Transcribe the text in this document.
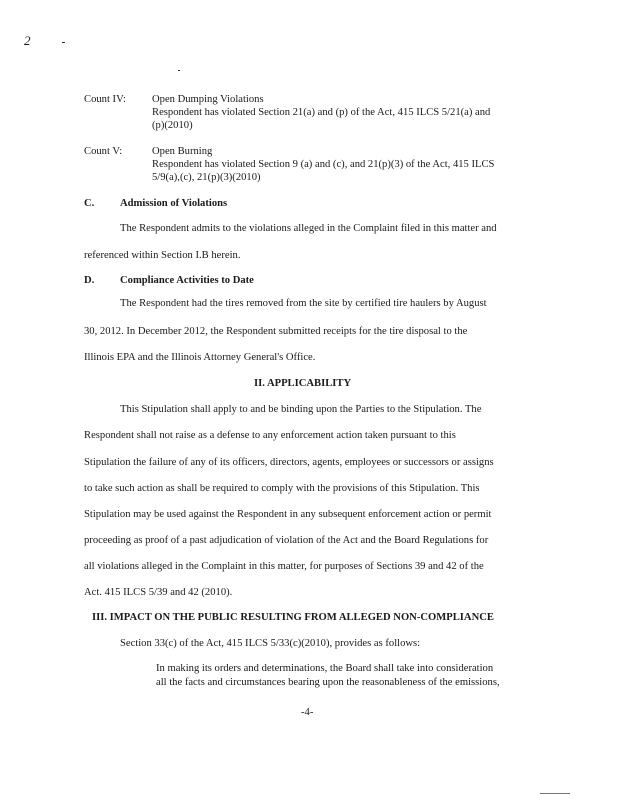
2
Count IV: Open Dumping Violations
Respondent has violated Section 21(a) and (p) of the Act, 415 ILCS 5/21(a) and
(p)(2010)
Count V:	Open Burning
Respondent has violated Section 9 (a) and (c), and 21(p)(3) of the Act, 415 ILCS
5/9(a),(c), 21(p)(3)(2010)
C. Admission of Violations
The Respondent admits to the violations alleged in the Complaint filed in this matter and
referenced within Section I.B herein.
D. Compliance Activities to Date
The Respondent had the tires removed from the site by certified tire haulers by August
30, 2012. In December 2012, the Respondent submitted receipts for the tire disposal to the
Illinois EPA and the Illinois Attorney General's Office.
II. APPLICABILITY
This Stipulation shall apply to and be binding upon the Parties to the Stipulation. The
Respondent shall not raise as a defense to any enforcement action taken pursuant to this
Stipulation the failure of any of its officers, directors, agents, employees or successors or assigns
to take such action as shall be required to comply with the provisions of this Stipulation. This
Stipulation may be used against the Respondent in any subsequent enforcement action or permit
proceeding as proof of a past adjudication of violation of the Act and the Board Regulations for
all violations alleged in the Complaint in this matter, for purposes of Sections 39 and 42 of the
Act. 415 ILCS 5/39 and 42 (2010).
III. IMPACT ON THE PUBLIC RESULTING FROM ALLEGED NON-COMPLIANCE
Section 33(c) of the Act, 415 ILCS 5/33(c)(2010), provides as follows:
In making its orders and determinations, the Board shall take into consideration
all the facts and circumstances bearing upon the reasonableness of the emissions,
-4-
